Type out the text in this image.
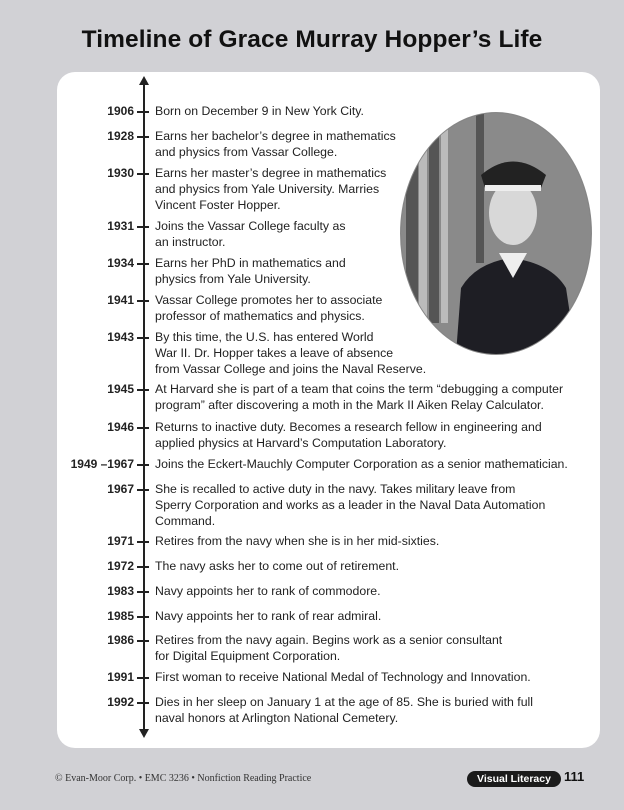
Timeline of Grace Murray Hopper’s Life
1906 Born on December 9 in New York City.
1928 Earns her bachelor’s degree in mathematics
and physics from Vassar College.
1930 Earns her master’s degree in mathematics
and physics from Yale University. Marries
Vincent Foster Hopper.
1931 Joins the Vassar College faculty as
an instructor.
1934 Earns her PhD in mathematics and
physics from Yale University.
1941 Vassar College promotes her to associate
professor of mathematics and physics.
1943 By this time, the U.S. has entered World
War II. Dr. Hopper takes a leave of absence
from Vassar College and joins the Naval Reserve.
1945 At Harvard she is part of a team that coins the term “debugging a computer
program” after discovering a moth in the Mark II Aiken Relay Calculator.
1946 Returns to inactive duty. Becomes a research fellow in engineering and
applied physics at Harvard’s Computation Laboratory.
1949 –1967 Joins the Eckert-Mauchly Computer Corporation as a senior mathematician.
1967 She is recalled to active duty in the navy. Takes military leave from
Sperry Corporation and works as a leader in the Naval Data Automation
Command.
1971 Retires from the navy when she is in her mid-sixties.
1972 The navy asks her to come out of retirement.
1983 Navy appoints her to rank of commodore.
1985 Navy appoints her to rank of rear admiral.
1986 Retires from the navy again. Begins work as a senior consultant
for Digital Equipment Corporation.
1991 First woman to receive National Medal of Technology and Innovation.
1992 Dies in her sleep on January 1 at the age of 85. She is buried with full
naval honors at Arlington National Cemetery.
© Evan-Moor Corp. • EMC 3236 • Nonfiction Reading Practice	Visual Literacy	111
